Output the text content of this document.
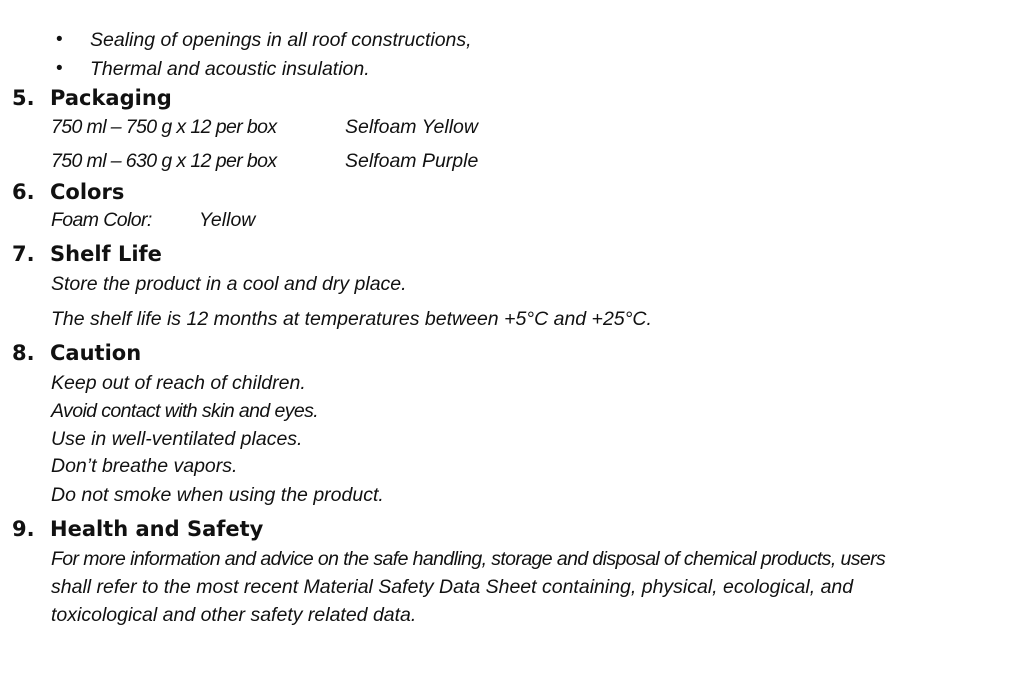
• Sealing of openings in all roof constructions,
• Thermal and acoustic insulation.
5. Packaging
750 ml – 750 g x 12 per box	Selfoam Yellow
750 ml – 630 g x 12 per box	Selfoam Purple
6. Colors
Foam Color: Yellow
7. Shelf Life
Store the product in a cool and dry place.
The shelf life is 12 months at temperatures between +5°C and +25°C.
8. Caution
Keep out of reach of children.
Avoid contact with skin and eyes.
Use in well-ventilated places.
Don’t breathe vapors.
Do not smoke when using the product.
9. Health and Safety
For more information and advice on the safe handling, storage and disposal of chemical products, users
shall refer to the most recent Material Safety Data Sheet containing, physical, ecological, and
toxicological and other safety related data.
